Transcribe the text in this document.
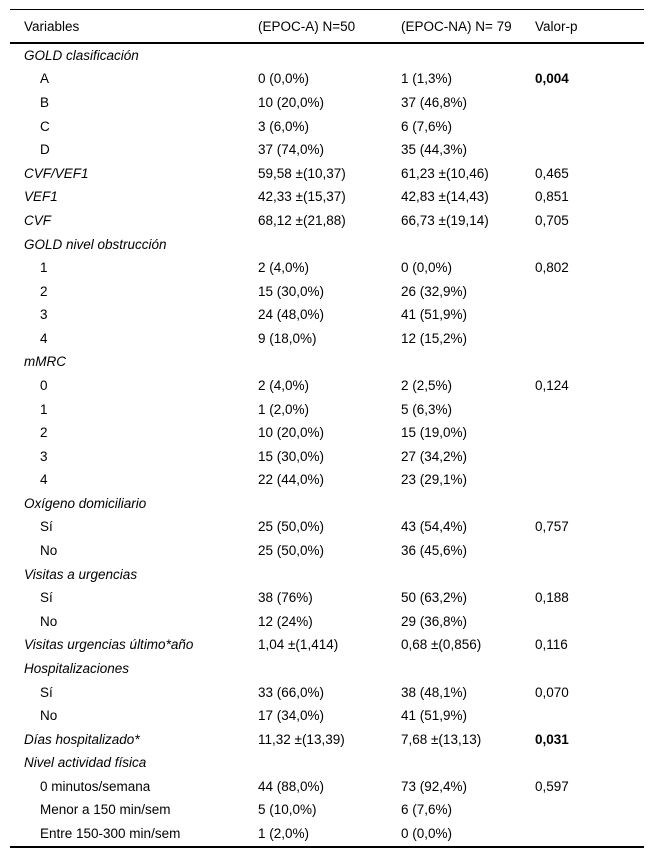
Variables	(EPOC-A) N=50	(EPOC-NA) N= 79	Valor-p
GOLD clasificación			
A	0 (0,0%)	1 (1,3%)	0,004
B	10 (20,0%)	37 (46,8%)	
C	3 (6,0%)	6 (7,6%)	
D	37 (74,0%)	35 (44,3%)	
CVF/VEF1	59,58 ±(10,37)	61,23 ±(10,46)	0,465
VEF1	42,33 ±(15,37)	42,83 ±(14,43)	0,851
CVF	68,12 ±(21,88)	66,73 ±(19,14)	0,705
GOLD nivel obstrucción			
1	2 (4,0%)	0 (0,0%)	0,802
2	15 (30,0%)	26 (32,9%)	
3	24 (48,0%)	41 (51,9%)	
4	9 (18,0%)	12 (15,2%)	
mMRC			
0	2 (4,0%)	2 (2,5%)	0,124
1	1 (2,0%)	5 (6,3%)	
2	10 (20,0%)	15 (19,0%)	
3	15 (30,0%)	27 (34,2%)	
4	22 (44,0%)	23 (29,1%)	
Oxígeno domiciliario			
Sí	25 (50,0%)	43 (54,4%)	0,757
No	25 (50,0%)	36 (45,6%)	
Visitas a urgencias			
Sí	38 (76%)	50 (63,2%)	0,188
No	12 (24%)	29 (36,8%)	
Visitas urgencias último*año	1,04 ±(1,414)	0,68 ±(0,856)	0,116
Hospitalizaciones			
Sí	33 (66,0%)	38 (48,1%)	0,070
No	17 (34,0%)	41 (51,9%)	
Días hospitalizado*	11,32 ±(13,39)	7,68 ±(13,13)	0,031
Nivel actividad física			
0 minutos/semana	44 (88,0%)	73 (92,4%)	0,597
Menor a 150 min/sem	5 (10,0%)	6 (7,6%)	
Entre 150-300 min/sem	1 (2,0%)	0 (0,0%)	
